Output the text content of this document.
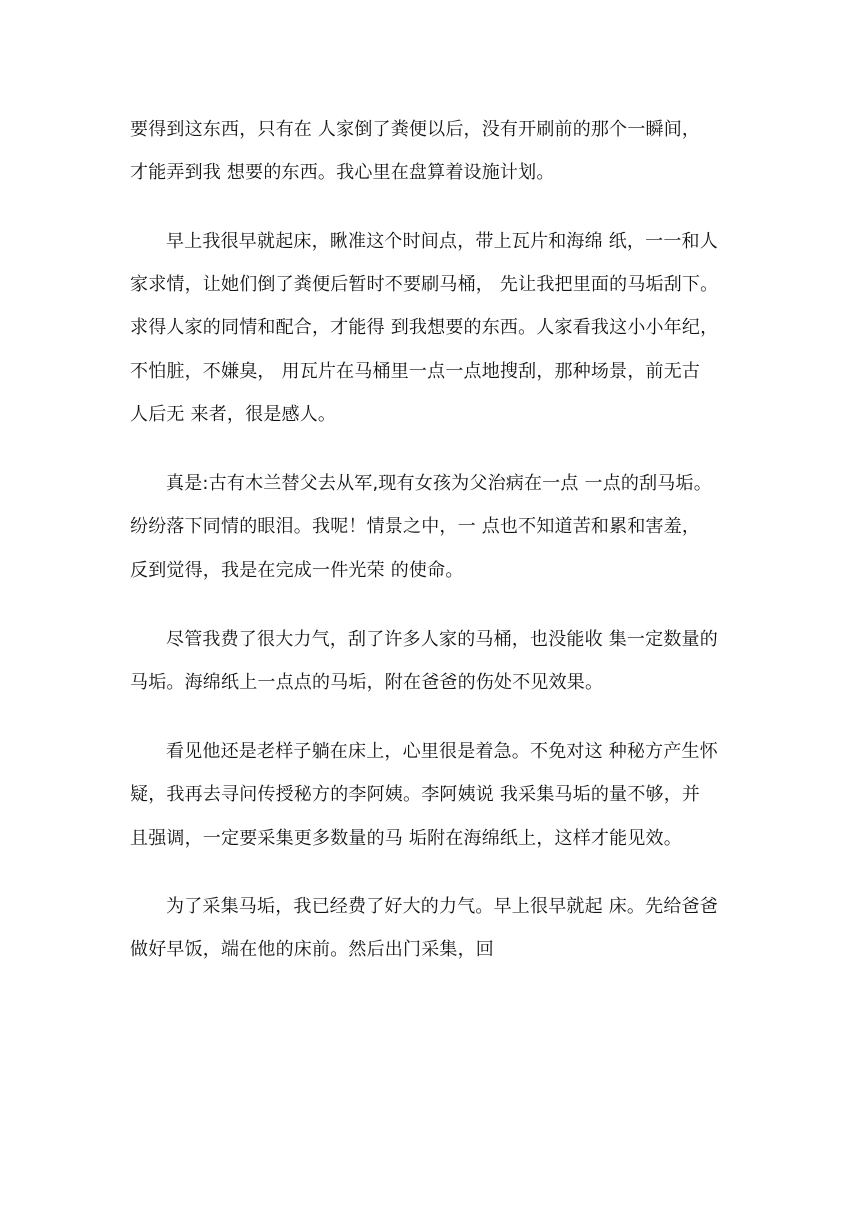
要得到这东西，只有在 人家倒了粪便以后，没有开刷前的那个一瞬间，
才能弄到我 想要的东西。我心里在盘算着设施计划。
早上我很早就起床，瞅准这个时间点，带上瓦片和海绵 纸，一一和人
家求情，让她们倒了粪便后暂时不要刷马桶， 先让我把里面的马垢刮下。
求得人家的同情和配合，才能得 到我想要的东西。人家看我这小小年纪，
不怕脏，不嫌臭， 用瓦片在马桶里一点一点地搜刮，那种场景，前无古
人后无 来者，很是感人。
真是:古有木兰替父去从军,现有女孩为父治病在一点 一点的刮马垢。
纷纷落下同情的眼泪。我呢！情景之中，一 点也不知道苦和累和害羞，
反到觉得，我是在完成一件光荣 的使命。
尽管我费了很大力气，刮了许多人家的马桶，也没能收 集一定数量的
马垢。海绵纸上一点点的马垢，附在爸爸的伤处不见效果。
看见他还是老样子躺在床上，心里很是着急。不免对这 种秘方产生怀
疑，我再去寻问传授秘方的李阿姨。李阿姨说 我采集马垢的量不够，并
且强调，一定要采集更多数量的马 垢附在海绵纸上，这样才能见效。
为了采集马垢，我已经费了好大的力气。早上很早就起 床。先给爸爸
做好早饭，端在他的床前。然后出门采集，回
